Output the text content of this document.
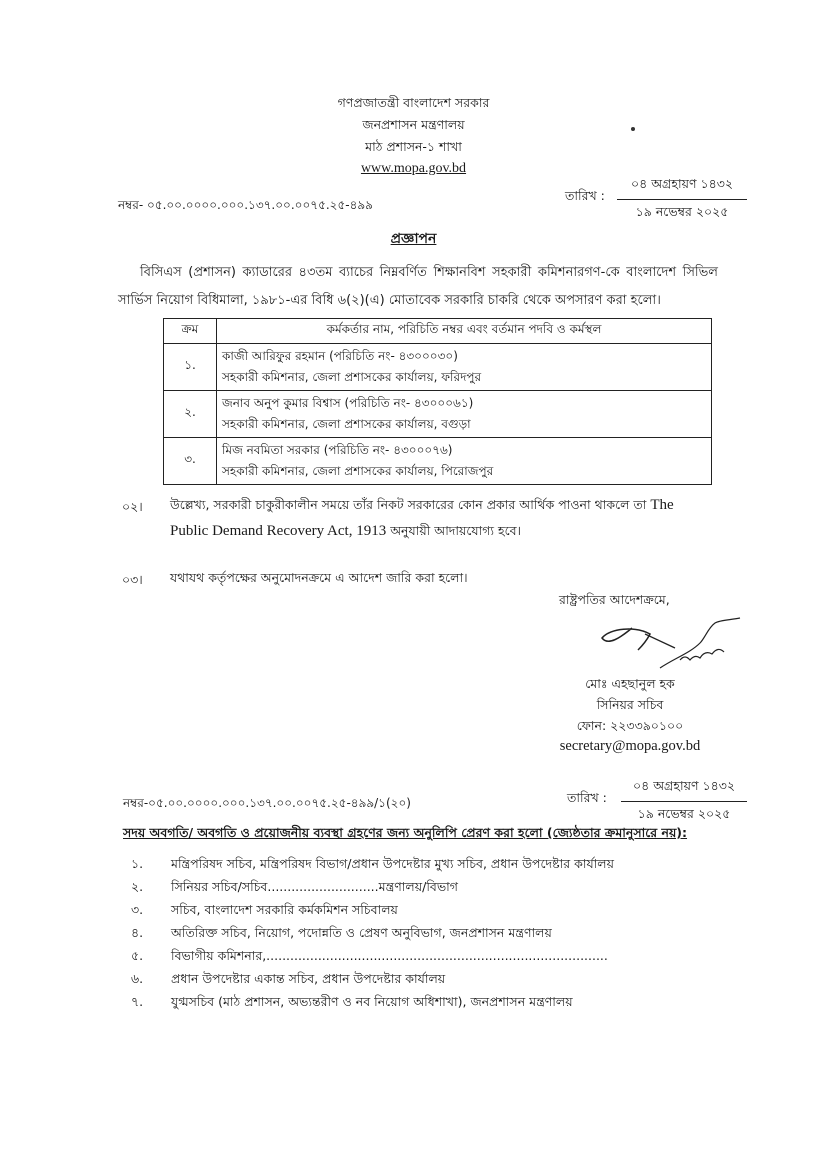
গণপ্রজাতন্ত্রী বাংলাদেশ সরকার
জনপ্রশাসন মন্ত্রণালয়
মাঠ প্রশাসন-১ শাখা
www.mopa.gov.bd
নম্বর- ০৫.০০.০০০০.০০০.১৩৭.০০.০০৭৫.২৫-৪৯৯
তারিখ :
০৪ অগ্রহায়ণ ১৪৩২
১৯ নভেম্বর ২০২৫
প্রজ্ঞাপন
বিসিএস (প্রশাসন) ক্যাডারের ৪৩তম ব্যাচের নিম্নবর্ণিত শিক্ষানবিশ সহকারী কমিশনারগণ-কে বাংলাদেশ সিভিল সার্ভিস নিয়োগ বিধিমালা, ১৯৮১-এর বিধি ৬(২)(এ) মোতাবেক সরকারি চাকরি থেকে অপসারণ করা হলো।
ক্রম	কর্মকর্তার নাম, পরিচিতি নম্বর এবং বর্তমান পদবি ও কর্মস্থল
১.	কাজী আরিফুর রহমান (পরিচিতি নং- ৪৩০০০৩০)
সহকারী কমিশনার, জেলা প্রশাসকের কার্যালয়, ফরিদপুর

২.	জনাব অনুপ কুমার বিশ্বাস (পরিচিতি নং- ৪৩০০০৬১)
সহকারী কমিশনার, জেলা প্রশাসকের কার্যালয়, বগুড়া

৩.	মিজ নবমিতা সরকার (পরিচিতি নং- ৪৩০০০৭৬)
সহকারী কমিশনার, জেলা প্রশাসকের কার্যালয়, পিরোজপুর
০২। উল্লেখ্য, সরকারী চাকুরীকালীন সময়ে তাঁর নিকট সরকারের কোন প্রকার আর্থিক পাওনা থাকলে তা The
Public Demand Recovery Act, 1913 অনুযায়ী আদায়যোগ্য হবে।
০৩। যথাযথ কর্তৃপক্ষের অনুমোদনক্রমে এ আদেশ জারি করা হলো।
রাষ্ট্রপতির আদেশক্রমে,
মোঃ এহছানুল হক
সিনিয়র সচিব
ফোন: ২২৩৩৯০১০০
secretary@mopa.gov.bd
নম্বর-০৫.০০.০০০০.০০০.১৩৭.০০.০০৭৫.২৫-৪৯৯/১(২০)	তারিখ :
০৪ অগ্রহায়ণ ১৪৩২
১৯ নভেম্বর ২০২৫
সদয় অবগতি/ অবগতি ও প্রয়োজনীয় ব্যবস্থা গ্রহণের জন্য অনুলিপি প্রেরণ করা হলো (জ্যেষ্ঠতার ক্রমানুসারে নয়):
১. মন্ত্রিপরিষদ সচিব, মন্ত্রিপরিষদ বিভাগ/প্রধান উপদেষ্টার মুখ্য সচিব, প্রধান উপদেষ্টার কার্যালয়
২. সিনিয়র সচিব/সচিব............................মন্ত্রণালয়/বিভাগ
৩. সচিব, বাংলাদেশ সরকারি কর্মকমিশন সচিবালয়
৪. অতিরিক্ত সচিব, নিয়োগ, পদোন্নতি ও প্রেষণ অনুবিভাগ, জনপ্রশাসন মন্ত্রণালয়
৫. বিভাগীয় কমিশনার,......................................................................................
৬. প্রধান উপদেষ্টার একান্ত সচিব, প্রধান উপদেষ্টার কার্যালয়
৭. যুগ্মসচিব (মাঠ প্রশাসন, অভ্যন্তরীণ ও নব নিয়োগ অধিশাখা), জনপ্রশাসন মন্ত্রণালয়
